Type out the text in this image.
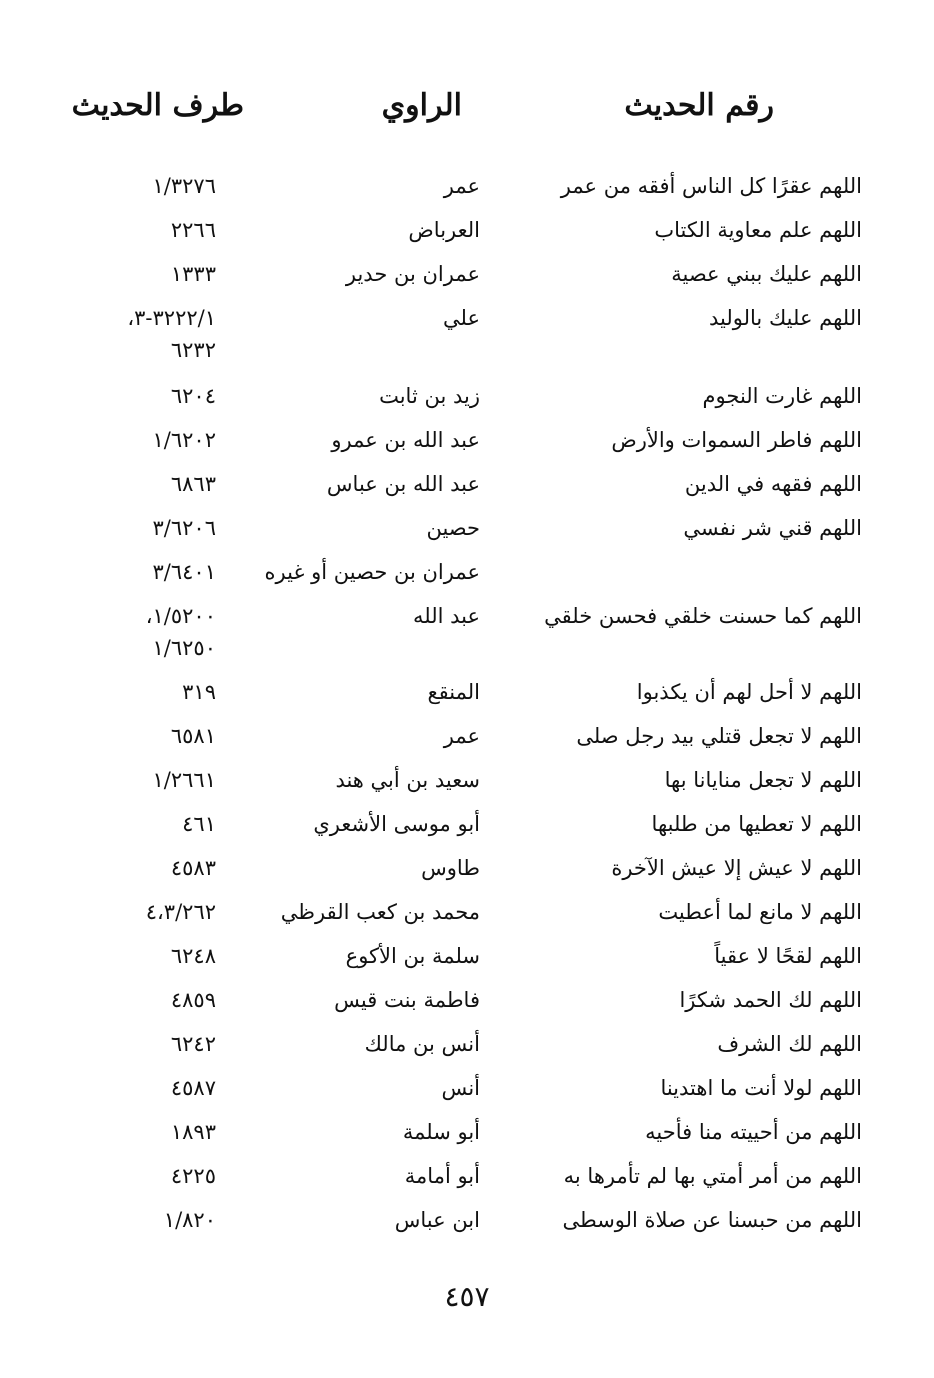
طرف الحديث	الراوي	رقم الحديث
اللهم عقرًا كل الناس أفقه من عمر
عمر
١/٣٢٧٦
اللهم علم معاوية الكتاب
العرباض
٢٢٦٦
اللهم عليك ببني عصية
عمران بن حدير
١٣٣٣
اللهم عليك بالوليد
علي
٣٢٢٢/١-٣،
٦٢٣٢
اللهم غارت النجوم
زيد بن ثابت
٦٢٠٤
اللهم فاطر السموات والأرض
عبد الله بن عمرو
١/٦٢٠٢
اللهم فقهه في الدين
عبد الله بن عباس
٦٨٦٣
اللهم قني شر نفسي
حصين
٣/٦٢٠٦
عمران بن حصين أو غيره
٣/٦٤٠١
اللهم كما حسنت خلقي فحسن خلقي
عبد الله
١/٥٢٠٠،
١/٦٢٥٠
اللهم لا أحل لهم أن يكذبوا
المنقع
٣١٩
اللهم لا تجعل قتلي بيد رجل صلى
عمر
٦٥٨١
اللهم لا تجعل منايانا بها
سعيد بن أبي هند
١/٢٦٦١
اللهم لا تعطيها من طلبها
أبو موسى الأشعري
٤٦١
اللهم لا عيش إلا عيش الآخرة
طاوس
٤٥٨٣
اللهم لا مانع لما أعطيت
محمد بن كعب القرظي
٤،٣/٢٦٢
اللهم لقحًا لا عقياً
سلمة بن الأكوع
٦٢٤٨
اللهم لك الحمد شكرًا
فاطمة بنت قيس
٤٨٥٩
اللهم لك الشرف
أنس بن مالك
٦٢٤٢
اللهم لولا أنت ما اهتدينا
أنس
٤٥٨٧
اللهم من أحييته منا فأحيه
أبو سلمة
١٨٩٣
اللهم من أمر أمتي بها لم تأمرها به
أبو أمامة
٤٢٢٥
اللهم من حبسنا عن صلاة الوسطى
ابن عباس
١/٨٢٠
٤٥٧
